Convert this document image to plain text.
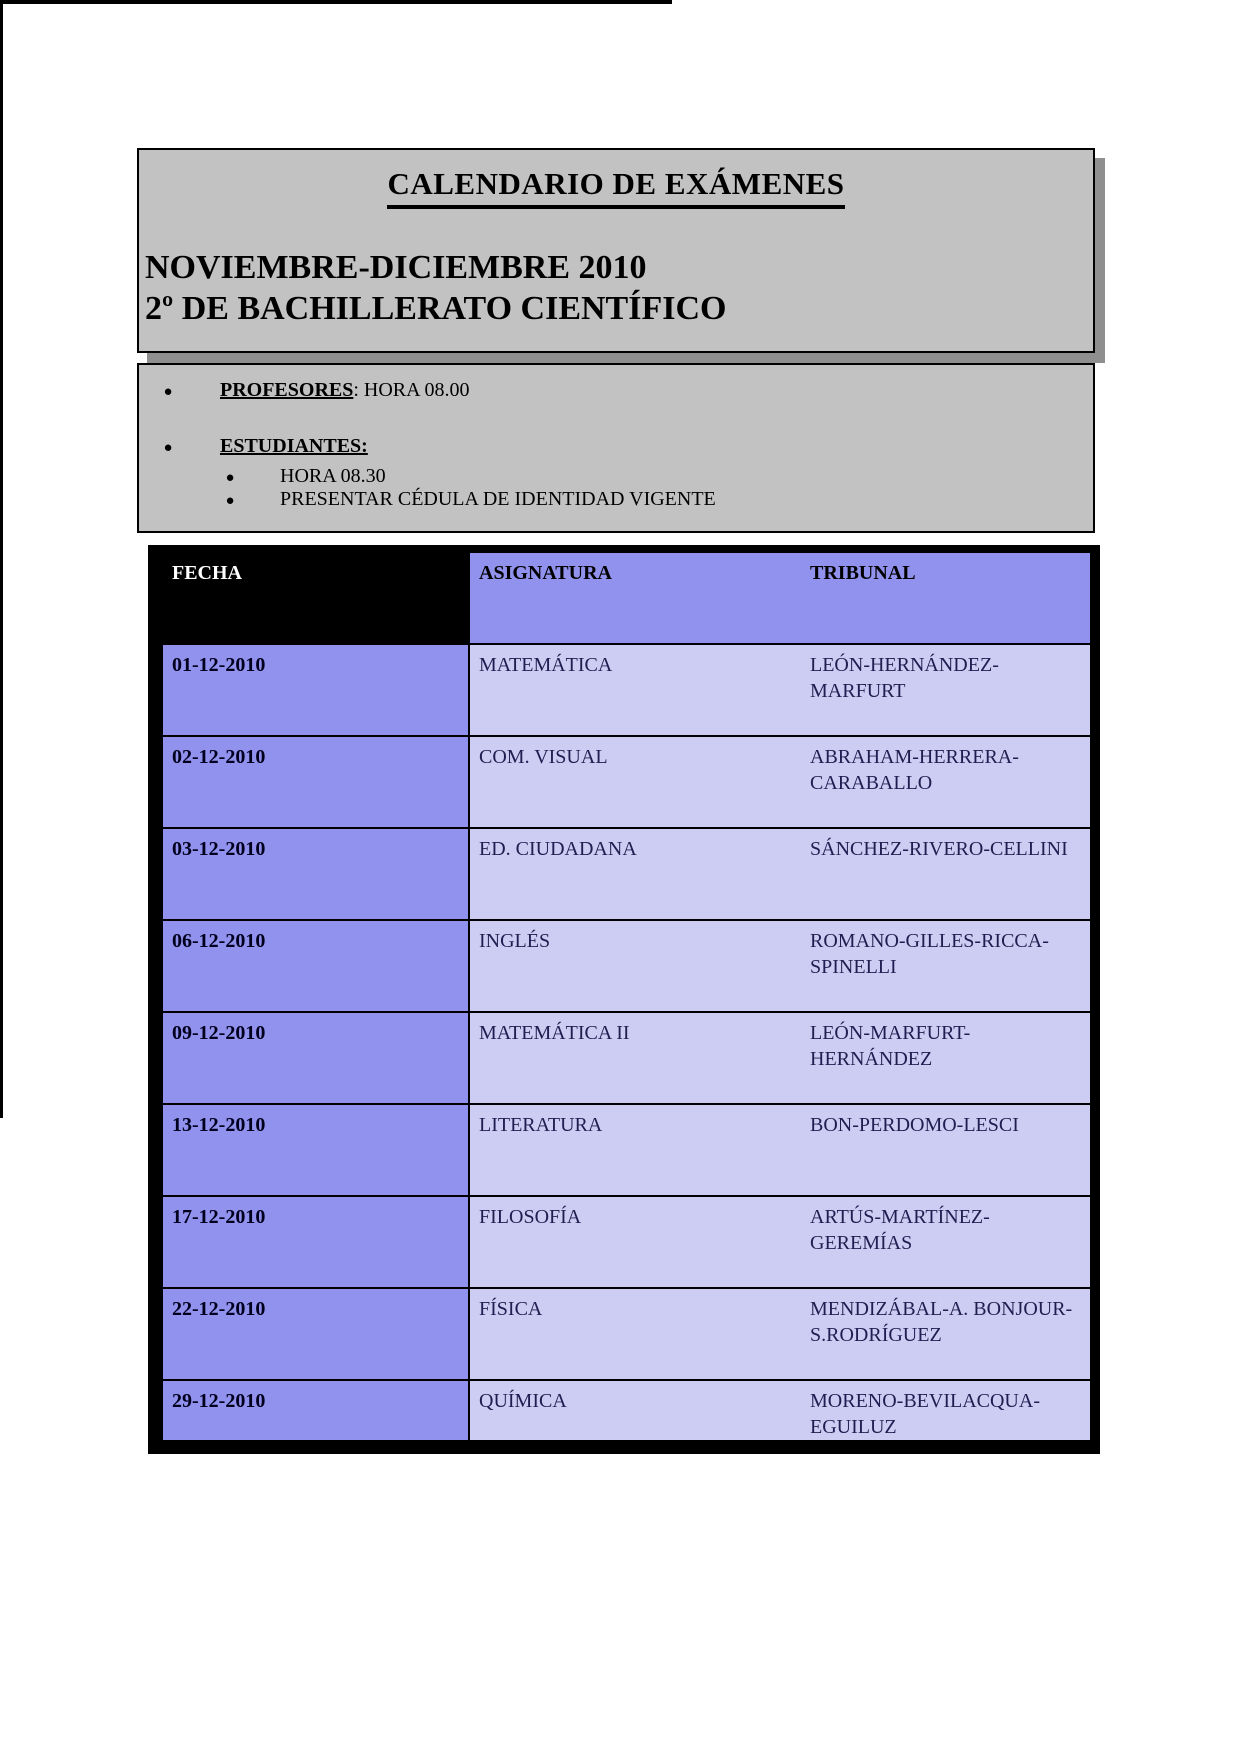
CALENDARIO DE EXÁMENES
NOVIEMBRE-DICIEMBRE 2010
2º DE BACHILLERATO CIENTÍFICO
● PROFESORES: HORA 08.00
● ESTUDIANTES:
● HORA 08.30
● PRESENTAR CÉDULA DE IDENTIDAD VIGENTE
FECHA	ASIGNATURA	TRIBUNAL
01-12-2010	MATEMÁTICA	LEÓN-HERNÁNDEZ-MARFURT
02-12-2010	COM. VISUAL	ABRAHAM-HERRERA-CARABALLO
03-12-2010	ED. CIUDADANA	SÁNCHEZ-RIVERO-CELLINI
06-12-2010	INGLÉS	ROMANO-GILLES-RICCA-SPINELLI
09-12-2010	MATEMÁTICA II	LEÓN-MARFURT-HERNÁNDEZ
13-12-2010	LITERATURA	BON-PERDOMO-LESCI
17-12-2010	FILOSOFÍA	ARTÚS-MARTÍNEZ- GEREMÍAS
22-12-2010	FÍSICA	MENDIZÁBAL-A. BONJOUR-S.RODRÍGUEZ
29-12-2010	QUÍMICA	MORENO-BEVILACQUA-EGUILUZ
